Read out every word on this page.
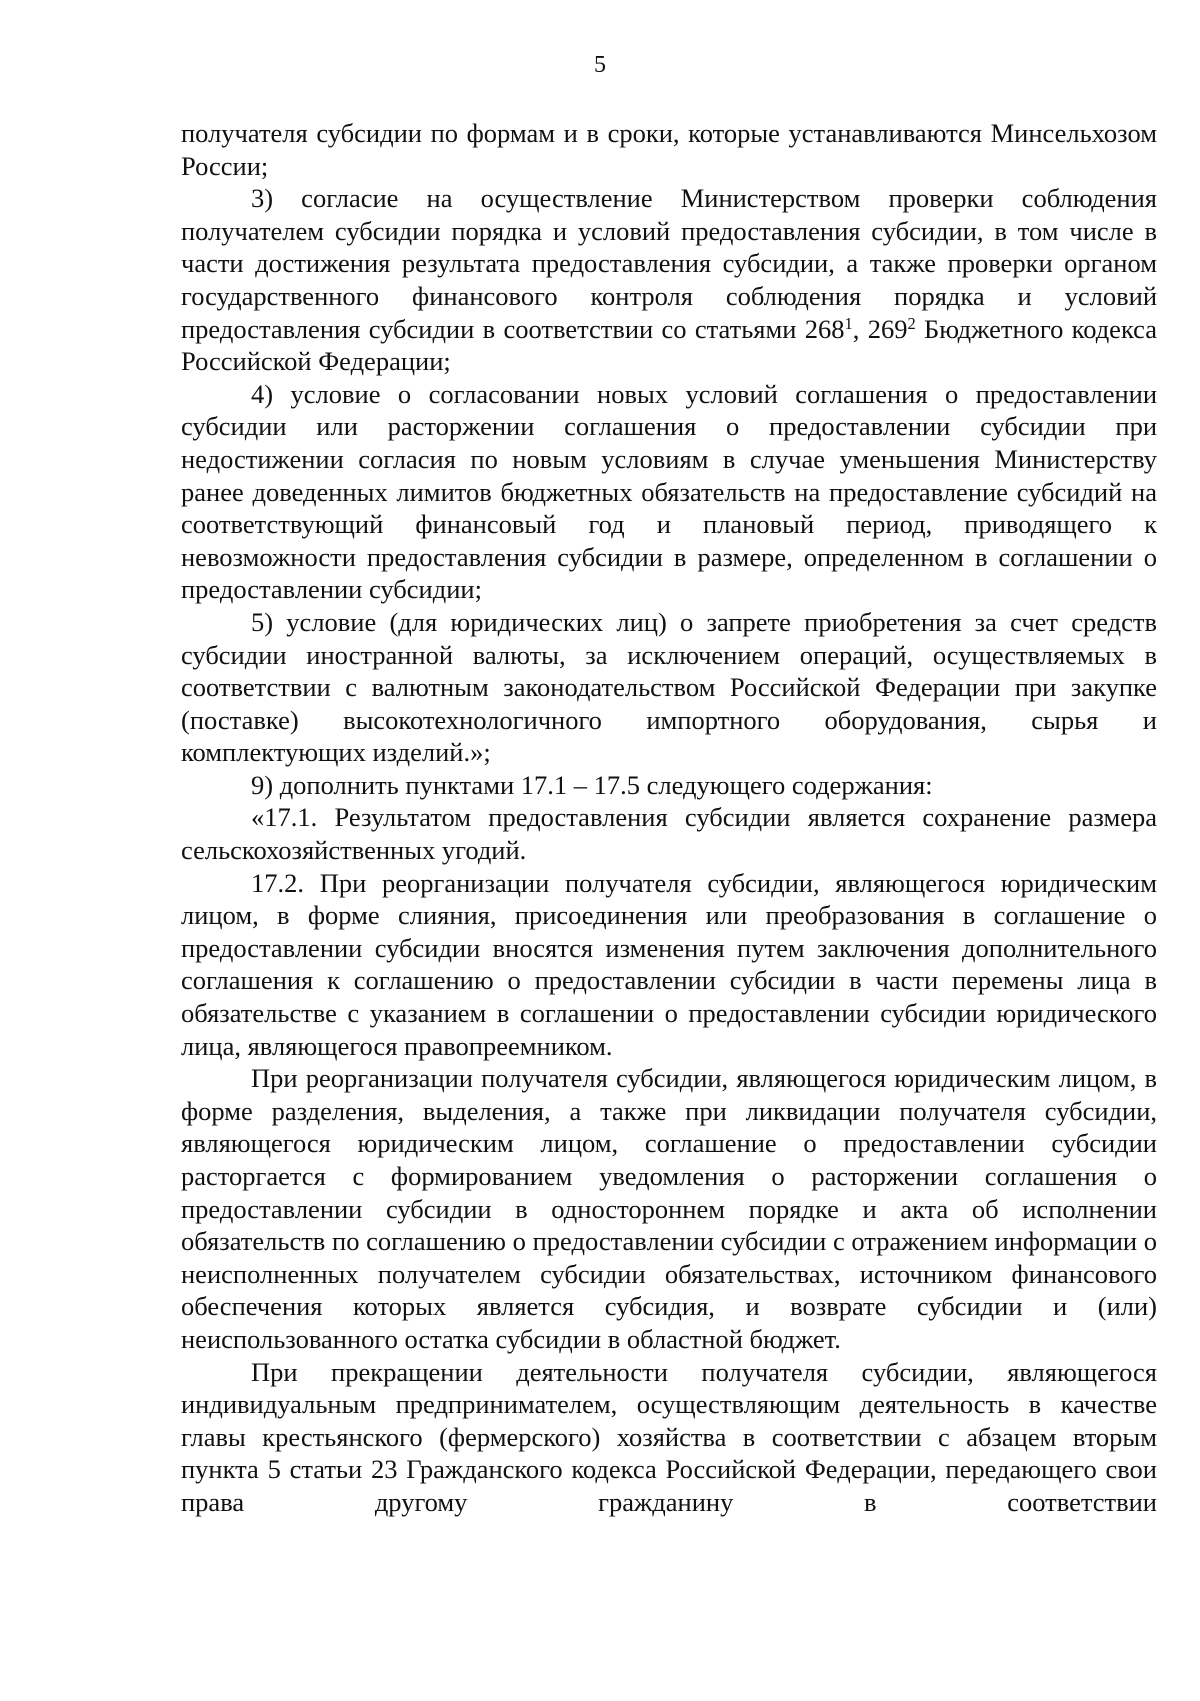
5

получателя субсидии по формам и в сроки, которые устанавливаются Минсельхозом России;

3) согласие на осуществление Министерством проверки соблюдения получателем субсидии порядка и условий предоставления субсидии, в том числе в части достижения результата предоставления субсидии, а также проверки органом государственного финансового контроля соблюдения порядка и условий предоставления субсидии в соответствии со статьями $268^1$, $269^2$ Бюджетного кодекса Российской Федерации;

4) условие о согласовании новых условий соглашения о предоставлении субсидии или расторжении соглашения о предоставлении субсидии при недостижении согласия по новым условиям в случае уменьшения Министерству ранее доведенных лимитов бюджетных обязательств на предоставление субсидий на соответствующий финансовый год и плановый период, приводящего к невозможности предоставления субсидии в размере, определенном в соглашении о предоставлении субсидии;

5) условие (для юридических лиц) о запрете приобретения за счет средств субсидии иностранной валюты, за исключением операций, осуществляемых в соответствии с валютным законодательством Российской Федерации при закупке (поставке) высокотехнологичного импортного оборудования, сырья и комплектующих изделий.»;

9) дополнить пунктами 17.1 – 17.5 следующего содержания:

«17.1. Результатом предоставления субсидии является сохранение размера сельскохозяйственных угодий.

17.2. При реорганизации получателя субсидии, являющегося юридическим лицом, в форме слияния, присоединения или преобразования в соглашение о предоставлении субсидии вносятся изменения путем заключения дополнительного соглашения к соглашению о предоставлении субсидии в части перемены лица в обязательстве с указанием в соглашении о предоставлении субсидии юридического лица, являющегося правопреемником.

При реорганизации получателя субсидии, являющегося юридическим лицом, в форме разделения, выделения, а также при ликвидации получателя субсидии, являющегося юридическим лицом, соглашение о предоставлении субсидии расторгается с формированием уведомления о расторжении соглашения о предоставлении субсидии в одностороннем порядке и акта об исполнении обязательств по соглашению о предоставлении субсидии с отражением информации о неисполненных получателем субсидии обязательствах, источником финансового обеспечения которых является субсидия, и возврате субсидии и (или) неиспользованного остатка субсидии в областной бюджет.

При прекращении деятельности получателя субсидии, являющегося индивидуальным предпринимателем, осуществляющим деятельность в качестве главы крестьянского (фермерского) хозяйства в соответствии с абзацем вторым пункта 5 статьи 23 Гражданского кодекса Российской Федерации, передающего свои права другому гражданину в соответствии
